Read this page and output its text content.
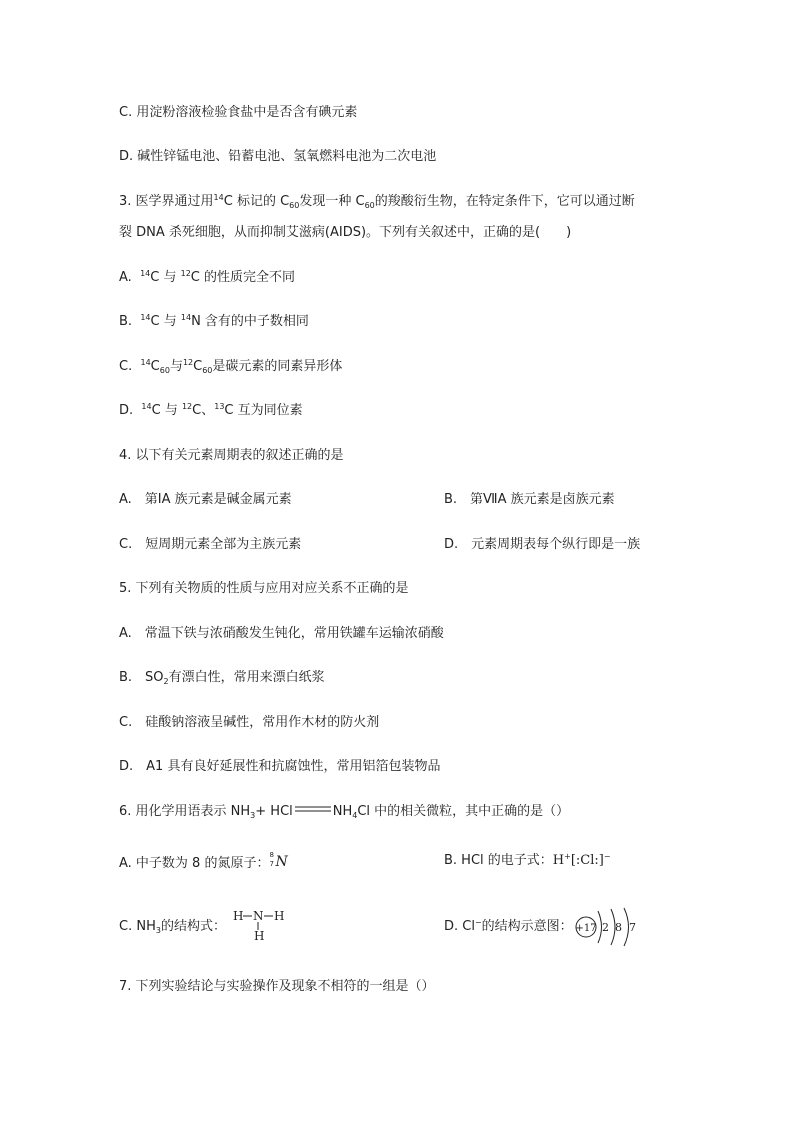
C. 用淀粉溶液检验食盐中是否含有碘元素
D. 碱性锌锰电池、铅蓄电池、氢氧燃料电池为二次电池
3. 医学界通过用$^{14}$C 标记的 $C_{60}$发现一种 $C_{60}$的羧酸衍生物，在特定条件下，它可以通过断
裂 DNA 杀死细胞，从而抑制艾滋病(AIDS)。下列有关叙述中，正确的是(　　)
A. $^{14}$C 与 $^{12}$C 的性质完全不同
B. $^{14}$C 与 $^{14}$N 含有的中子数相同
C. $^{14}C_{60}$与$^{12}C_{60}$是碳元素的同素异形体
D. $^{14}$C 与 $^{12}$C、$^{13}$C 互为同位素
4. 以下有关元素周期表的叙述正确的是
A.　第ⅠA 族元素是碱金属元素	B.　第ⅦA 族元素是卤族元素
C.　短周期元素全部为主族元素	D.　元素周期表每个纵行即是一族
5. 下列有关物质的性质与应用对应关系不正确的是
A.　常温下铁与浓硝酸发生钝化，常用铁罐车运输浓硝酸
B.　$SO_2$有漂白性，常用来漂白纸浆
C.　硅酸钠溶液呈碱性，常用作木材的防火剂
D.　A1 具有良好延展性和抗腐蚀性，常用铝箔包装物品
6. 用化学用语表示 $NH_3+$ HCl	$NH_4Cl$ 中的相关微粒，其中正确的是（）
A. 中子数为 8 的氮原子：
8
7 N	B. HCl 的电子式：H+[:Cl:]−
C. $NH_3$的结构式：
H N H
H
D. Cl−的结构示意图： +17 2 8 7
7. 下列实验结论与实验操作及现象不相符的一组是（）
